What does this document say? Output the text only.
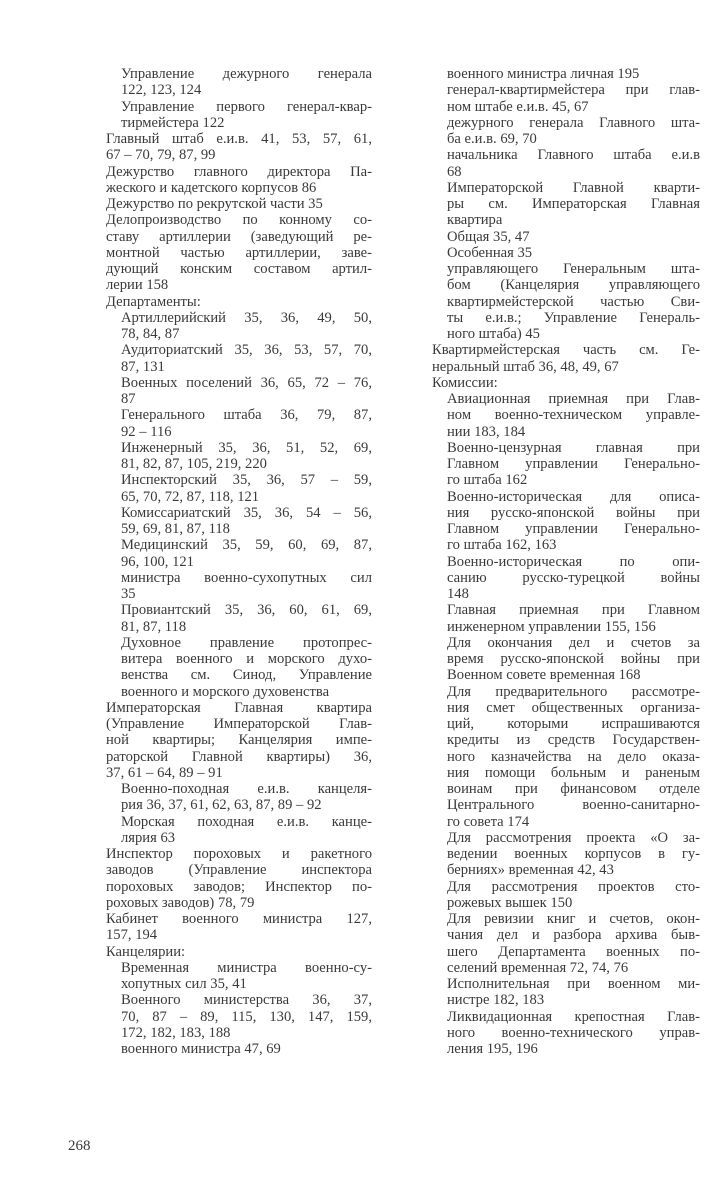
Управление дежурного генерала
122, 123, 124
Управление первого генерал-квар-
тирмейстера 122
Главный штаб е.и.в. 41, 53, 57, 61,
67 – 70, 79, 87, 99
Дежурство главного директора Па-
жеского и кадетского корпусов 86
Дежурство по рекрутской части 35
Делопроизводство по конному со-
ставу артиллерии (заведующий ре-
монтной частью артиллерии, заве-
дующий конским составом артил-
лерии 158
Департаменты:
Артиллерийский 35, 36, 49, 50,
78, 84, 87
Аудиториатский 35, 36, 53, 57, 70,
87, 131
Военных поселений 36, 65, 72 – 76,
87
Генерального штаба 36, 79, 87,
92 – 116
Инженерный 35, 36, 51, 52, 69,
81, 82, 87, 105, 219, 220
Инспекторский 35, 36, 57 – 59,
65, 70, 72, 87, 118, 121
Комиссариатский 35, 36, 54 – 56,
59, 69, 81, 87, 118
Медицинский 35, 59, 60, 69, 87,
96, 100, 121
министра военно-сухопутных сил
35
Провиантский 35, 36, 60, 61, 69,
81, 87, 118
Духовное правление протопрес-
витера военного и морского духо-
венства см. Синод, Управление
военного и морского духовенства
Императорская Главная квартира
(Управление Императорской Глав-
ной квартиры; Канцелярия импе-
раторской Главной квартиры) 36,
37, 61 – 64, 89 – 91
Военно-походная е.и.в. канцеля-
рия 36, 37, 61, 62, 63, 87, 89 – 92
Морская походная е.и.в. канце-
лярия 63
Инспектор пороховых и ракетного
заводов (Управление инспектора
пороховых заводов; Инспектор по-
роховых заводов) 78, 79
Кабинет военного министра 127,
157, 194
Канцелярии:
Временная министра военно-су-
хопутных сил 35, 41
Военного министерства 36, 37,
70, 87 – 89, 115, 130, 147, 159,
172, 182, 183, 188
военного министра 47, 69
военного министра личная 195
генерал-квартирмейстера при глав-
ном штабе е.и.в. 45, 67
дежурного генерала Главного шта-
ба е.и.в. 69, 70
начальника Главного штаба е.и.в
68
Императорской Главной кварти-
ры см. Императорская Главная
квартира
Общая 35, 47
Особенная 35
управляющего Генеральным шта-
бом (Канцелярия управляющего
квартирмейстерской частью Сви-
ты е.и.в.; Управление Генераль-
ного штаба) 45
Квартирмейстерская часть см. Ге-
неральный штаб 36, 48, 49, 67
Комиссии:
Авиационная приемная при Глав-
ном военно-техническом управле-
нии 183, 184
Военно-цензурная главная при
Главном управлении Генерально-
го штаба 162
Военно-историческая для описа-
ния русско-японской войны при
Главном управлении Генерально-
го штаба 162, 163
Военно-историческая по опи-
санию русско-турецкой войны
148
Главная приемная при Главном
инженерном управлении 155, 156
Для окончания дел и счетов за
время русско-японской войны при
Военном совете временная 168
Для предварительного рассмотре-
ния смет общественных организа-
ций, которыми испрашиваются
кредиты из средств Государствен-
ного казначейства на дело оказа-
ния помощи больным и раненым
воинам при финансовом отделе
Центрального военно-санитарно-
го совета 174
Для рассмотрения проекта «О за-
ведении военных корпусов в гу-
берниях» временная 42, 43
Для рассмотрения проектов сто-
рожевых вышек 150
Для ревизии книг и счетов, окон-
чания дел и разбора архива быв-
шего Департамента военных по-
селений временная 72, 74, 76
Исполнительная при военном ми-
нистре 182, 183
Ликвидационная крепостная Глав-
ного военно-технического управ-
ления 195, 196
268
